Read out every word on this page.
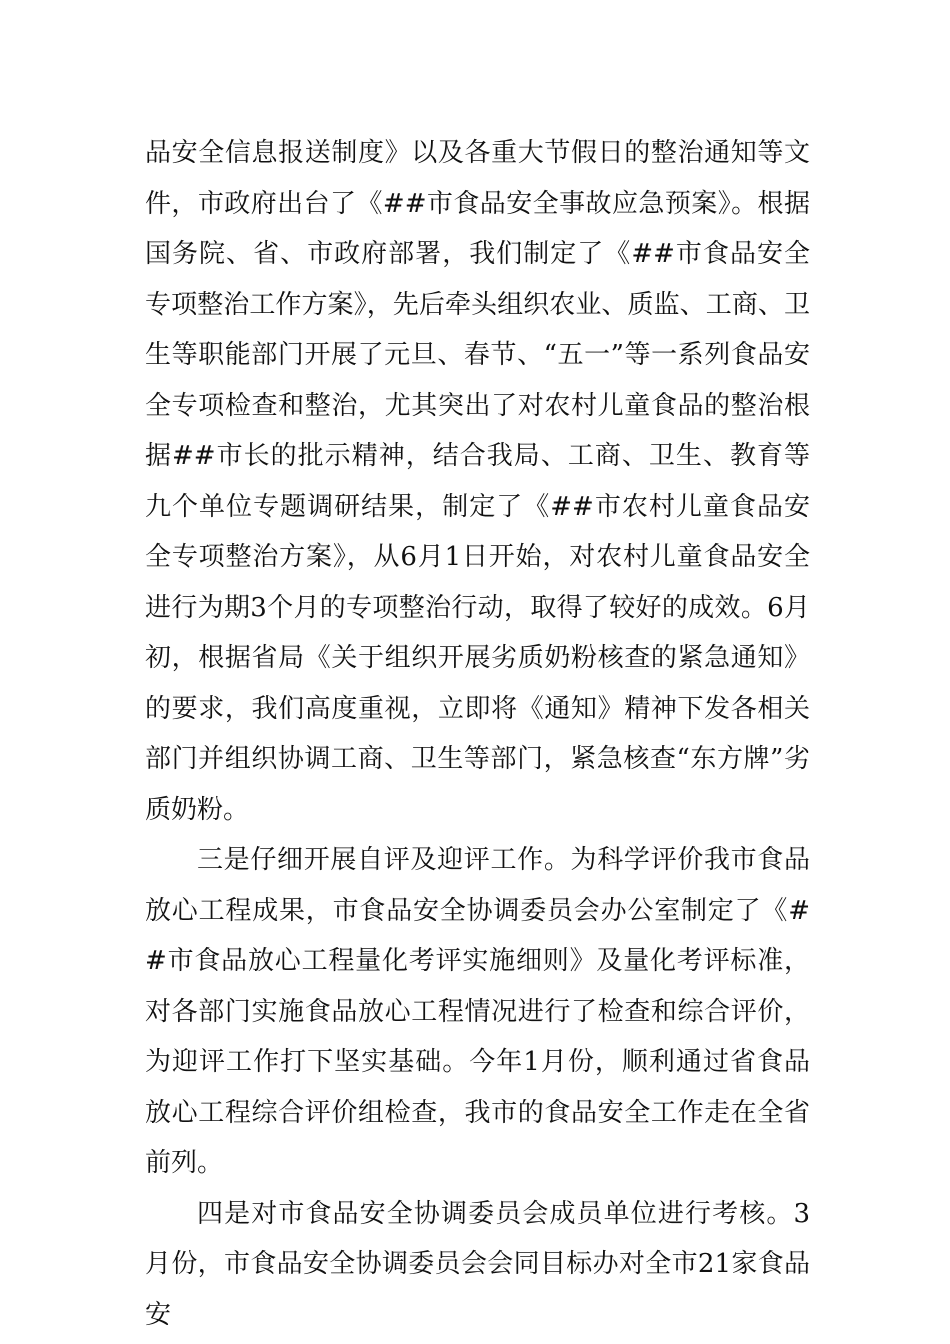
品安全信息报送制度》以及各重大节假日的整治通知等文件，市政府出台了《##市食品安全事故应急预案》。根据国务院、省、市政府部署，我们制定了《##市食品安全专项整治工作方案》，先后牵头组织农业、质监、工商、卫生等职能部门开展了元旦、春节、“五一”等一系列食品安全专项检查和整治，尤其突出了对农村儿童食品的整治根据##市长的批示精神，结合我局、工商、卫生、教育等九个单位专题调研结果，制定了《##市农村儿童食品安全专项整治方案》，从6月1日开始，对农村儿童食品安全进行为期3个月的专项整治行动，取得了较好的成效。6月初，根据省局《关于组织开展劣质奶粉核查的紧急通知》的要求，我们高度重视，立即将《通知》精神下发各相关部门并组织协调工商、卫生等部门，紧急核查“东方牌”劣质奶粉。

三是仔细开展自评及迎评工作。为科学评价我市食品放心工程成果，市食品安全协调委员会办公室制定了《##市食品放心工程量化考评实施细则》及量化考评标准，对各部门实施食品放心工程情况进行了检查和综合评价，为迎评工作打下坚实基础。今年1月份，顺利通过省食品放心工程综合评价组检查，我市的食品安全工作走在全省前列。

四是对市食品安全协调委员会成员单位进行考核。3月份，市食品安全协调委员会会同目标办对全市21家食品安
